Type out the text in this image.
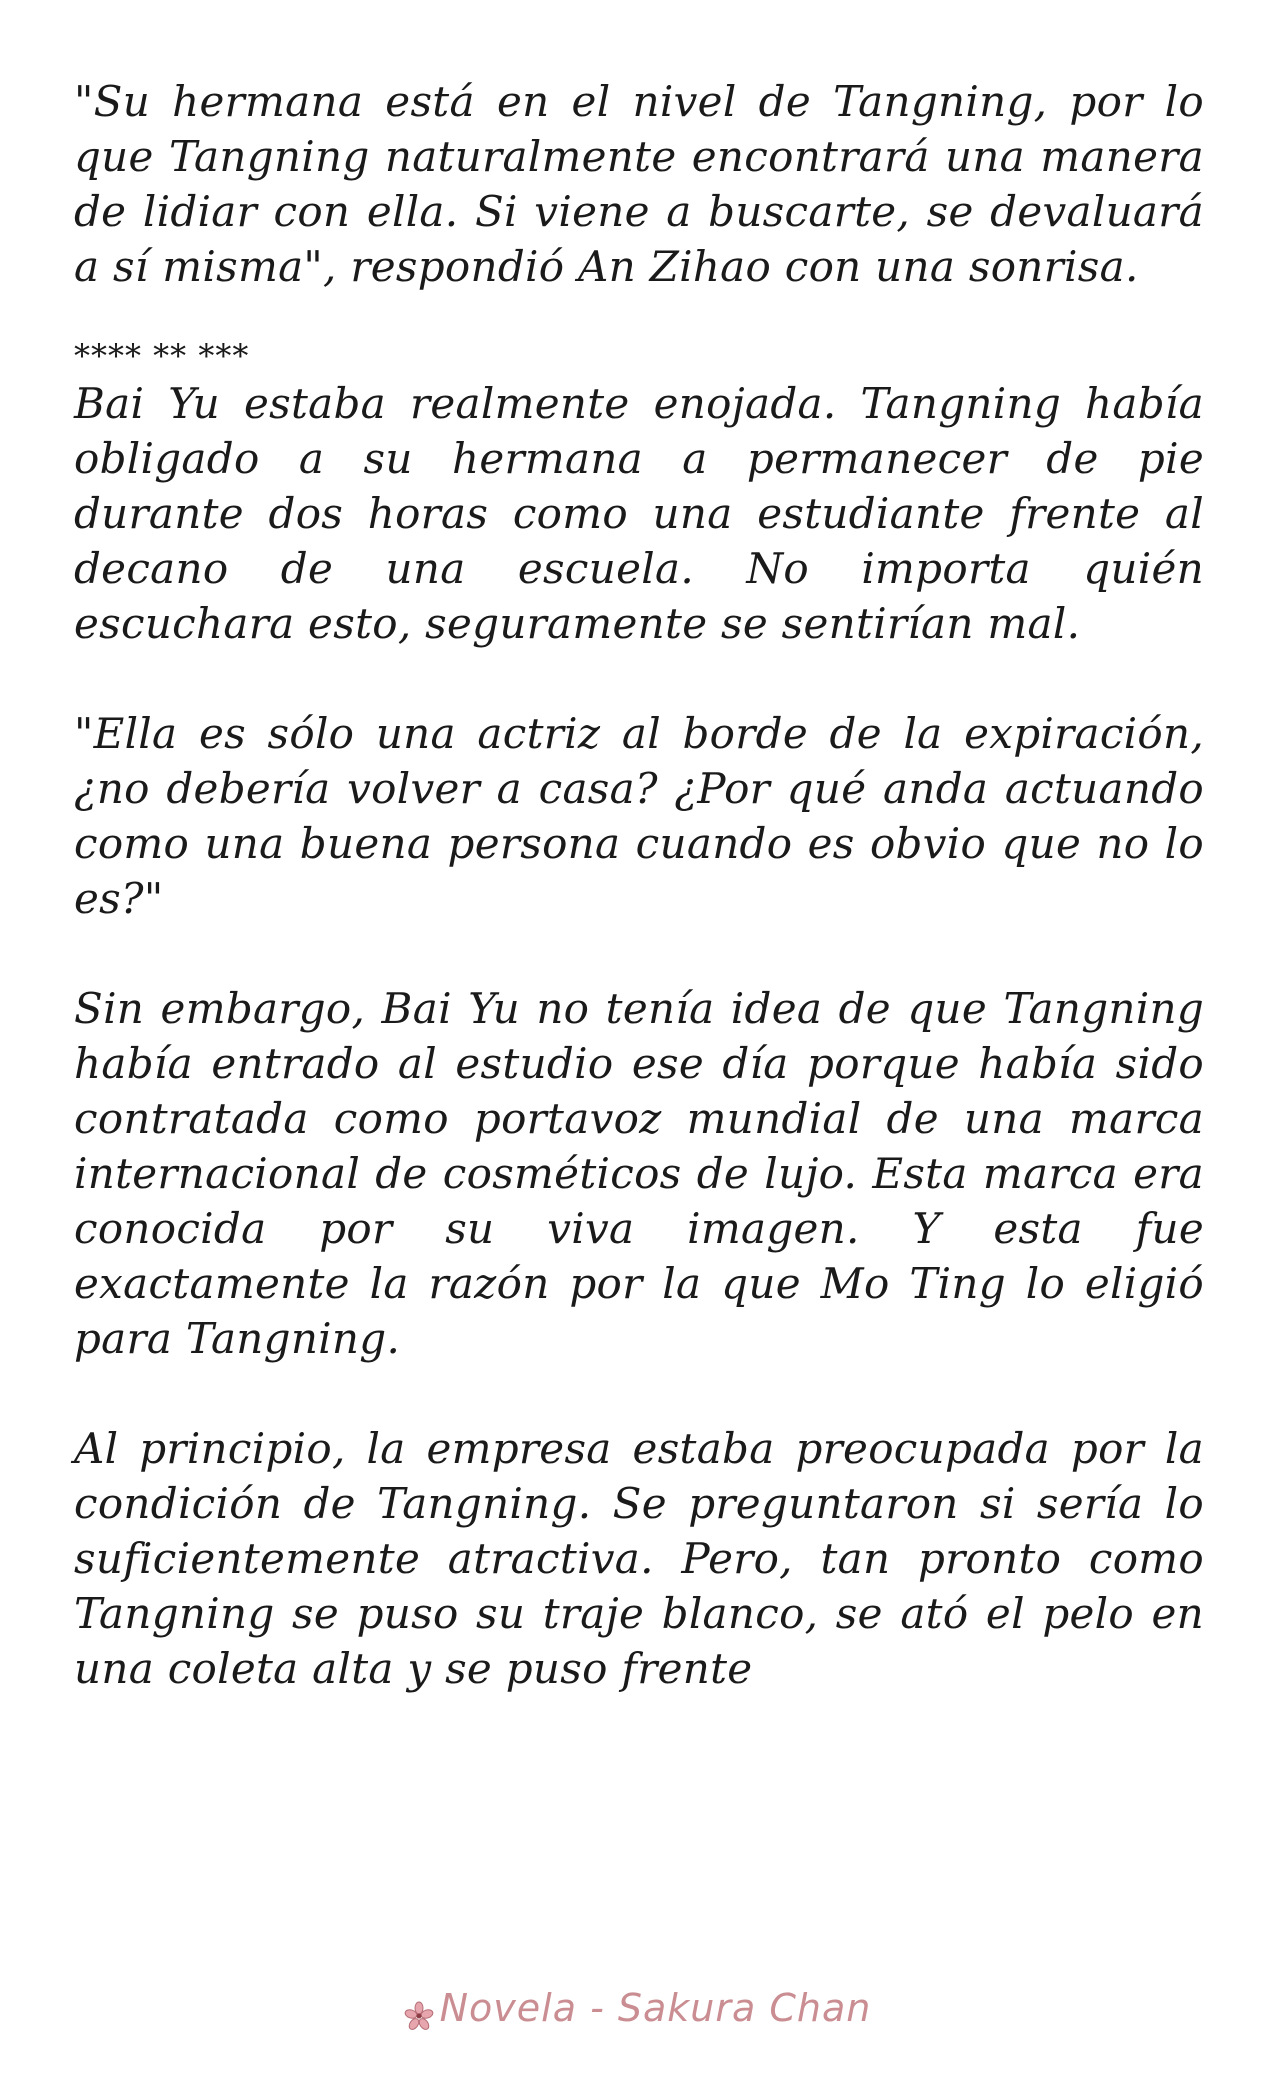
"Su hermana está en el nivel de Tangning, por lo que Tangning naturalmente encontrará una manera de lidiar con ella. Si viene a buscarte, se devaluará a sí misma", respondió An Zihao con una sonrisa.

**** ** ***

Bai Yu estaba realmente enojada. Tangning había obligado a su hermana a permanecer de pie durante dos horas como una estudiante frente al decano de una escuela. No importa quién escuchara esto, seguramente se sentirían mal.

"Ella es sólo una actriz al borde de la expiración, ¿no debería volver a casa? ¿Por qué anda actuando como una buena persona cuando es obvio que no lo es?"

Sin embargo, Bai Yu no tenía idea de que Tangning había entrado al estudio ese día porque había sido contratada como portavoz mundial de una marca internacional de cosméticos de lujo. Esta marca era conocida por su viva imagen. Y esta fue exactamente la razón por la que Mo Ting lo eligió para Tangning.

Al principio, la empresa estaba preocupada por la condición de Tangning. Se preguntaron si sería lo suficientemente atractiva. Pero, tan pronto como Tangning se puso su traje blanco, se ató el pelo en una coleta alta y se puso frente

Novela - Sakura Chan
